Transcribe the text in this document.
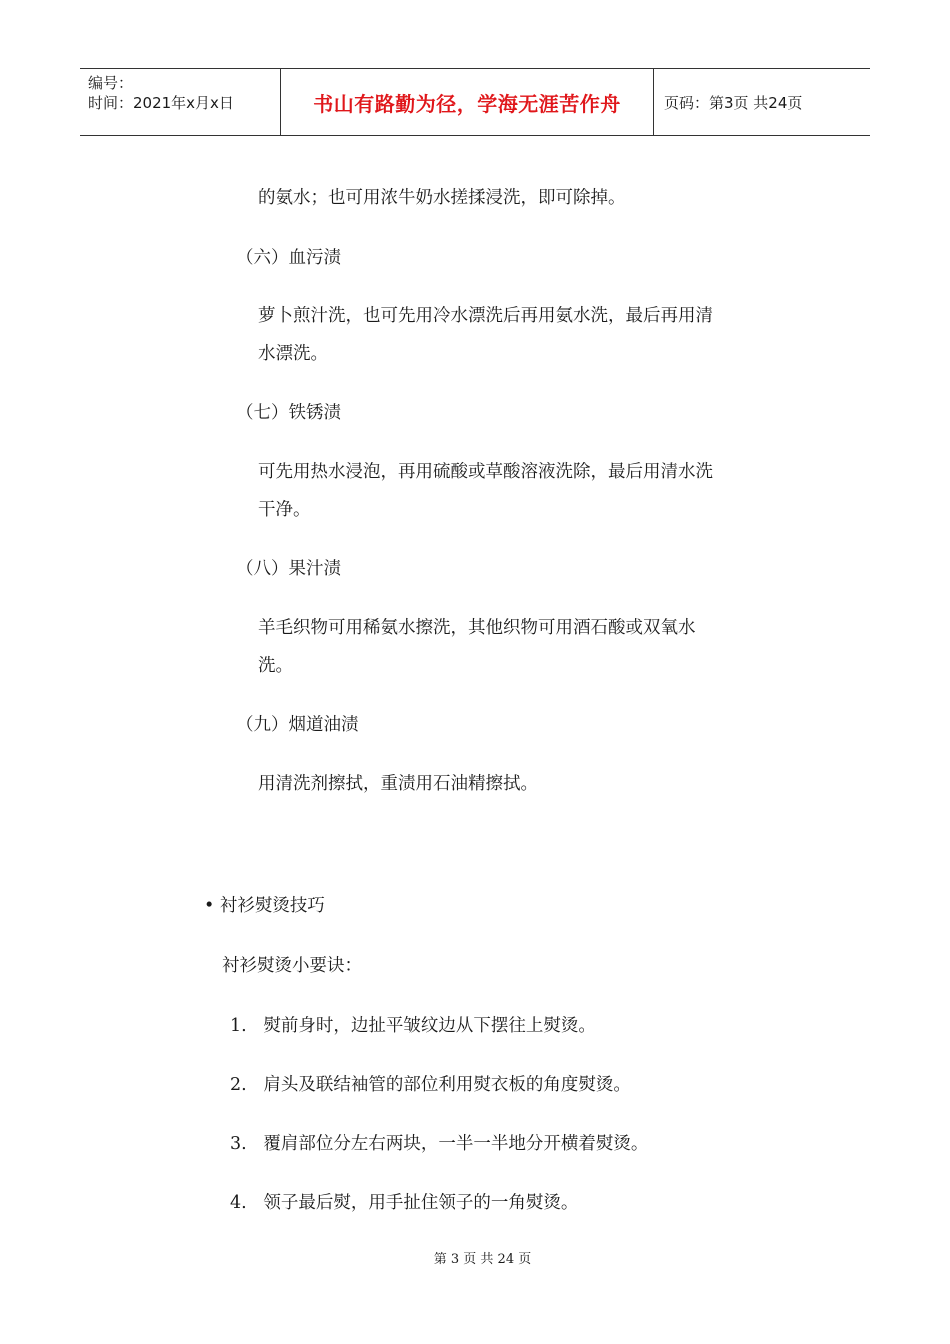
编号：
时间：2021年x月x日	书山有路勤为径，学海无涯苦作舟	页码：第3页 共24页
的氨水；也可用浓牛奶水搓揉浸洗，即可除掉。
（六）血污渍
萝卜煎汁洗，也可先用冷水漂洗后再用氨水洗，最后再用清
水漂洗。
（七）铁锈渍
可先用热水浸泡，再用硫酸或草酸溶液洗除，最后用清水洗
干净。
（八）果汁渍
羊毛织物可用稀氨水擦洗，其他织物可用酒石酸或双氧水
洗。
（九）烟道油渍
用清洗剂擦拭，重渍用石油精擦拭。
• 衬衫熨烫技巧
衬衫熨烫小要诀：
1.   熨前身时，边扯平皱纹边从下摆往上熨烫。
2.   肩头及联结袖管的部位利用熨衣板的角度熨烫。
3.   覆肩部位分左右两块，一半一半地分开横着熨烫。
4.   领子最后熨，用手扯住领子的一角熨烫。
第 3 页 共 24 页
